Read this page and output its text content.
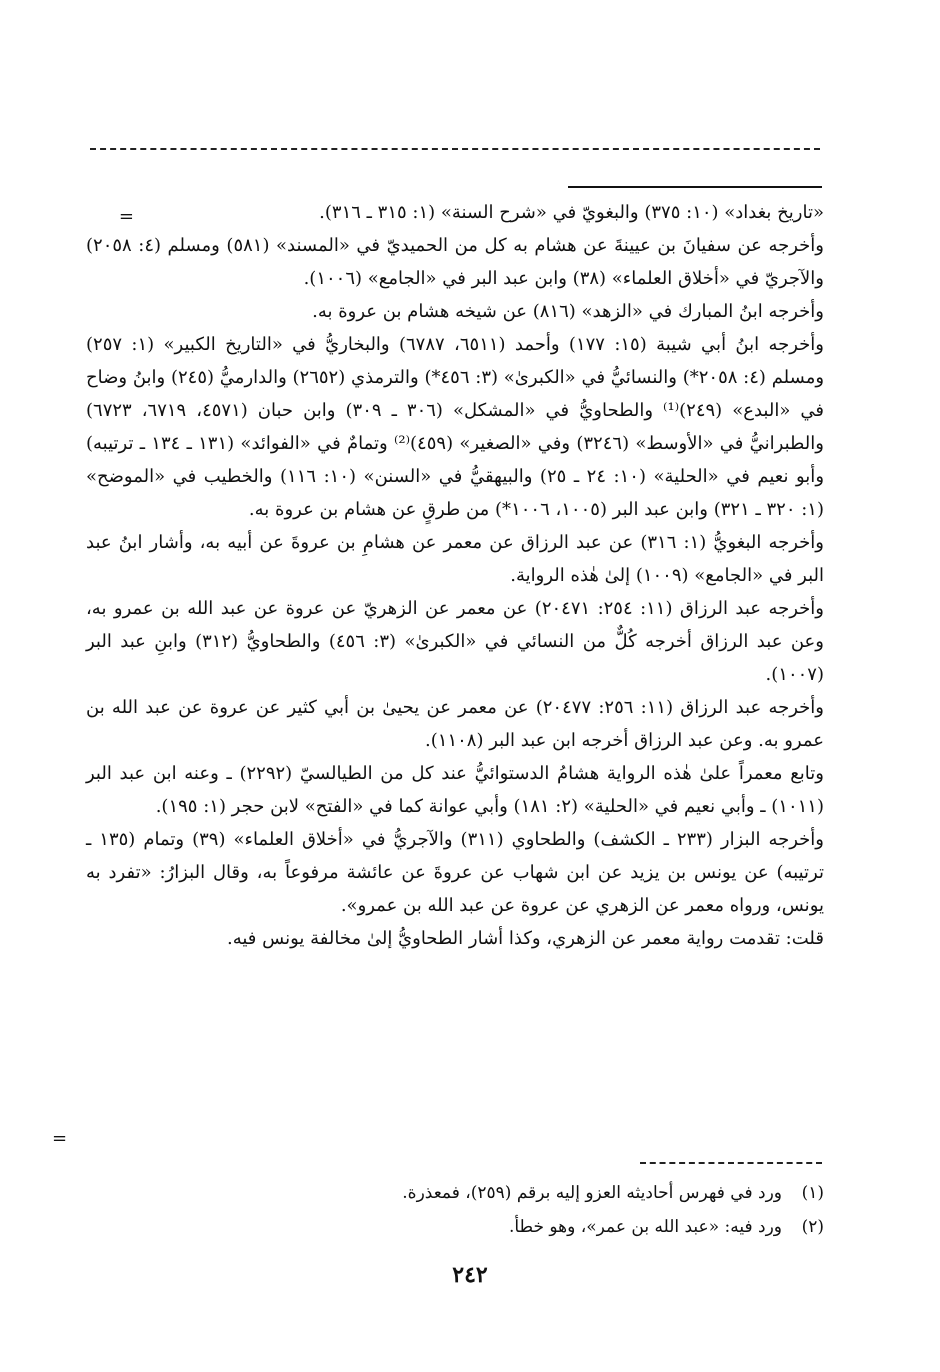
=	«تاريخ بغداد» (١٠: ٣٧٥) والبغويّ في «شرح السنة» (١: ٣١٥ ـ ٣١٦).

وأخرجه عن سفيانَ بن عيينةَ عن هشام به كل من الحميديّ في «المسند» (٥٨١) ومسلم (٤: ٢٠٥٨) والآجريّ في «أخلاق العلماء» (٣٨) وابن عبد البر في «الجامع» (١٠٠٦).

وأخرجه ابنُ المبارك في «الزهد» (٨١٦) عن شيخه هشام بن عروة به.

وأخرجه ابنُ أبي شيبة (١٥: ١٧٧) وأحمد (٦٥١١، ٦٧٨٧) والبخاريُّ في «التاريخ الكبير» (١: ٢٥٧) ومسلم (٤: ٢٠٥٨*) والنسائيُّ في «الكبرىٰ» (٣: ٤٥٦*) والترمذي (٢٦٥٢) والدارميُّ (٢٤٥) وابنُ وضاح في «البدع» (٢٤٩)⁽¹⁾ والطحاويُّ في «المشكل» (٣٠٦ ـ ٣٠٩) وابن حبان (٤٥٧١، ٦٧١٩، ٦٧٢٣) والطبرانيُّ في «الأوسط» (٣٢٤٦) وفي «الصغير» (٤٥٩)⁽²⁾ وتمامٌ في «الفوائد» (١٣١ ـ ١٣٤ ـ ترتيبه) وأبو نعيم في «الحلية» (١٠: ٢٤ ـ ٢٥) والبيهقيُّ في «السنن» (١٠: ١١٦) والخطيب في «الموضح» (١: ٣٢٠ ـ ٣٢١) وابن عبد البر (١٠٠٥، ١٠٠٦*) من طرقٍ عن هشام بن عروة به.

وأخرجه البغويُّ (١: ٣١٦) عن عبد الرزاق عن معمر عن هشامِ بن عروةَ عن أبيه به، وأشار ابنُ عبد البر في «الجامع» (١٠٠٩) إلىٰ هٰذه الرواية.

وأخرجه عبد الرزاق (١١: ٢٥٤: ٢٠٤٧١) عن معمر عن الزهريّ عن عروة عن عبد الله بن عمرو به، وعن عبد الرزاق أخرجه كُلٌّ من النسائي في «الكبرىٰ» (٣: ٤٥٦) والطحاويُّ (٣١٢) وابنِ عبد البر (١٠٠٧).

وأخرجه عبد الرزاق (١١: ٢٥٦: ٢٠٤٧٧) عن معمر عن يحيىٰ بن أبي كثير عن عروة عن عبد الله بن عمرو به. وعن عبد الرزاق أخرجه ابن عبد البر (١١٠٨).

وتابع معمراً علىٰ هٰذه الرواية هشامُ الدستوائيُّ عند كل من الطيالسيّ (٢٢٩٢) ـ وعنه ابن عبد البر (١٠١١) ـ وأبي نعيم في «الحلية» (٢: ١٨١) وأبي عوانة كما في «الفتح» لابن حجر (١: ١٩٥).

وأخرجه البزار (٢٣٣ ـ الكشف) والطحاوي (٣١١) والآجريُّ في «أخلاق العلماء» (٣٩) وتمام (١٣٥ ـ ترتيبه) عن يونس بن يزيد عن ابن شهاب عن عروةَ عن عائشة مرفوعاً به، وقال البزارُ: «تفرد به يونس، ورواه معمر عن الزهري عن عروة عن عبد الله بن عمرو».

قلت: تقدمت رواية معمر عن الزهري، وكذا أشار الطحاويُّ إلىٰ مخالفة يونس فيه.

=

(١)
ورد في فهرس أحاديثه العزو إليه برقم (٢٥٩)، فمعذرة.

(٢)
ورد فيه: «عبد الله بن عمر»، وهو خطأ.

٢٤٢
